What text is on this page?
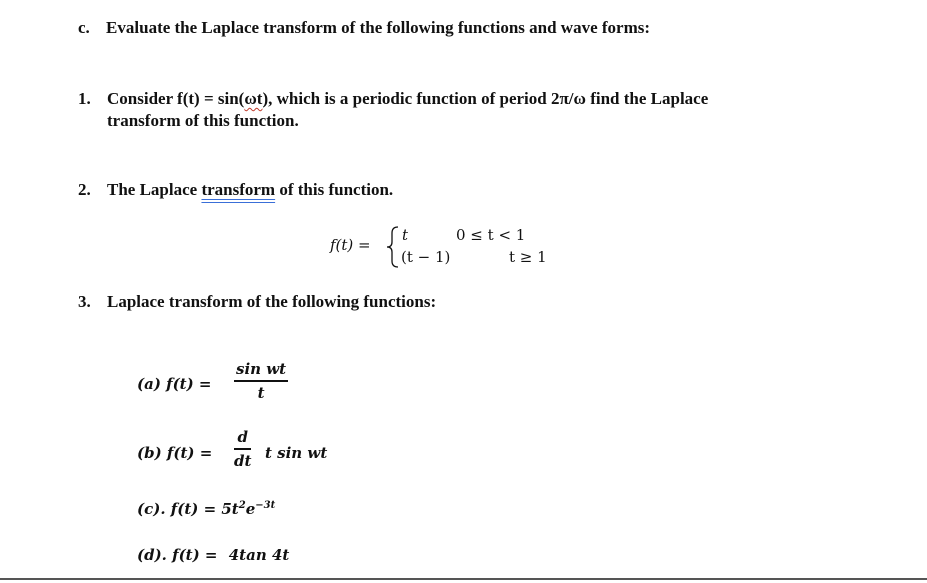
c. Evaluate the Laplace transform of the following functions and wave forms:
1. Consider f(t) = sin(ωt), which is a periodic function of period 2π/ω find the Laplace
transform of this function.
2. The Laplace transform of this function.
f(t) =
t	0 ≤ t < 1
(t − 1)	t ≥ 1
3. Laplace transform of the following functions:
(a) f(t) =
sin wt
t
(b) f(t) =
d
dt t sin wt
(c). $f(t) = 5t^2e^{-3t}$
(d). f(t) = 4tan 4t
